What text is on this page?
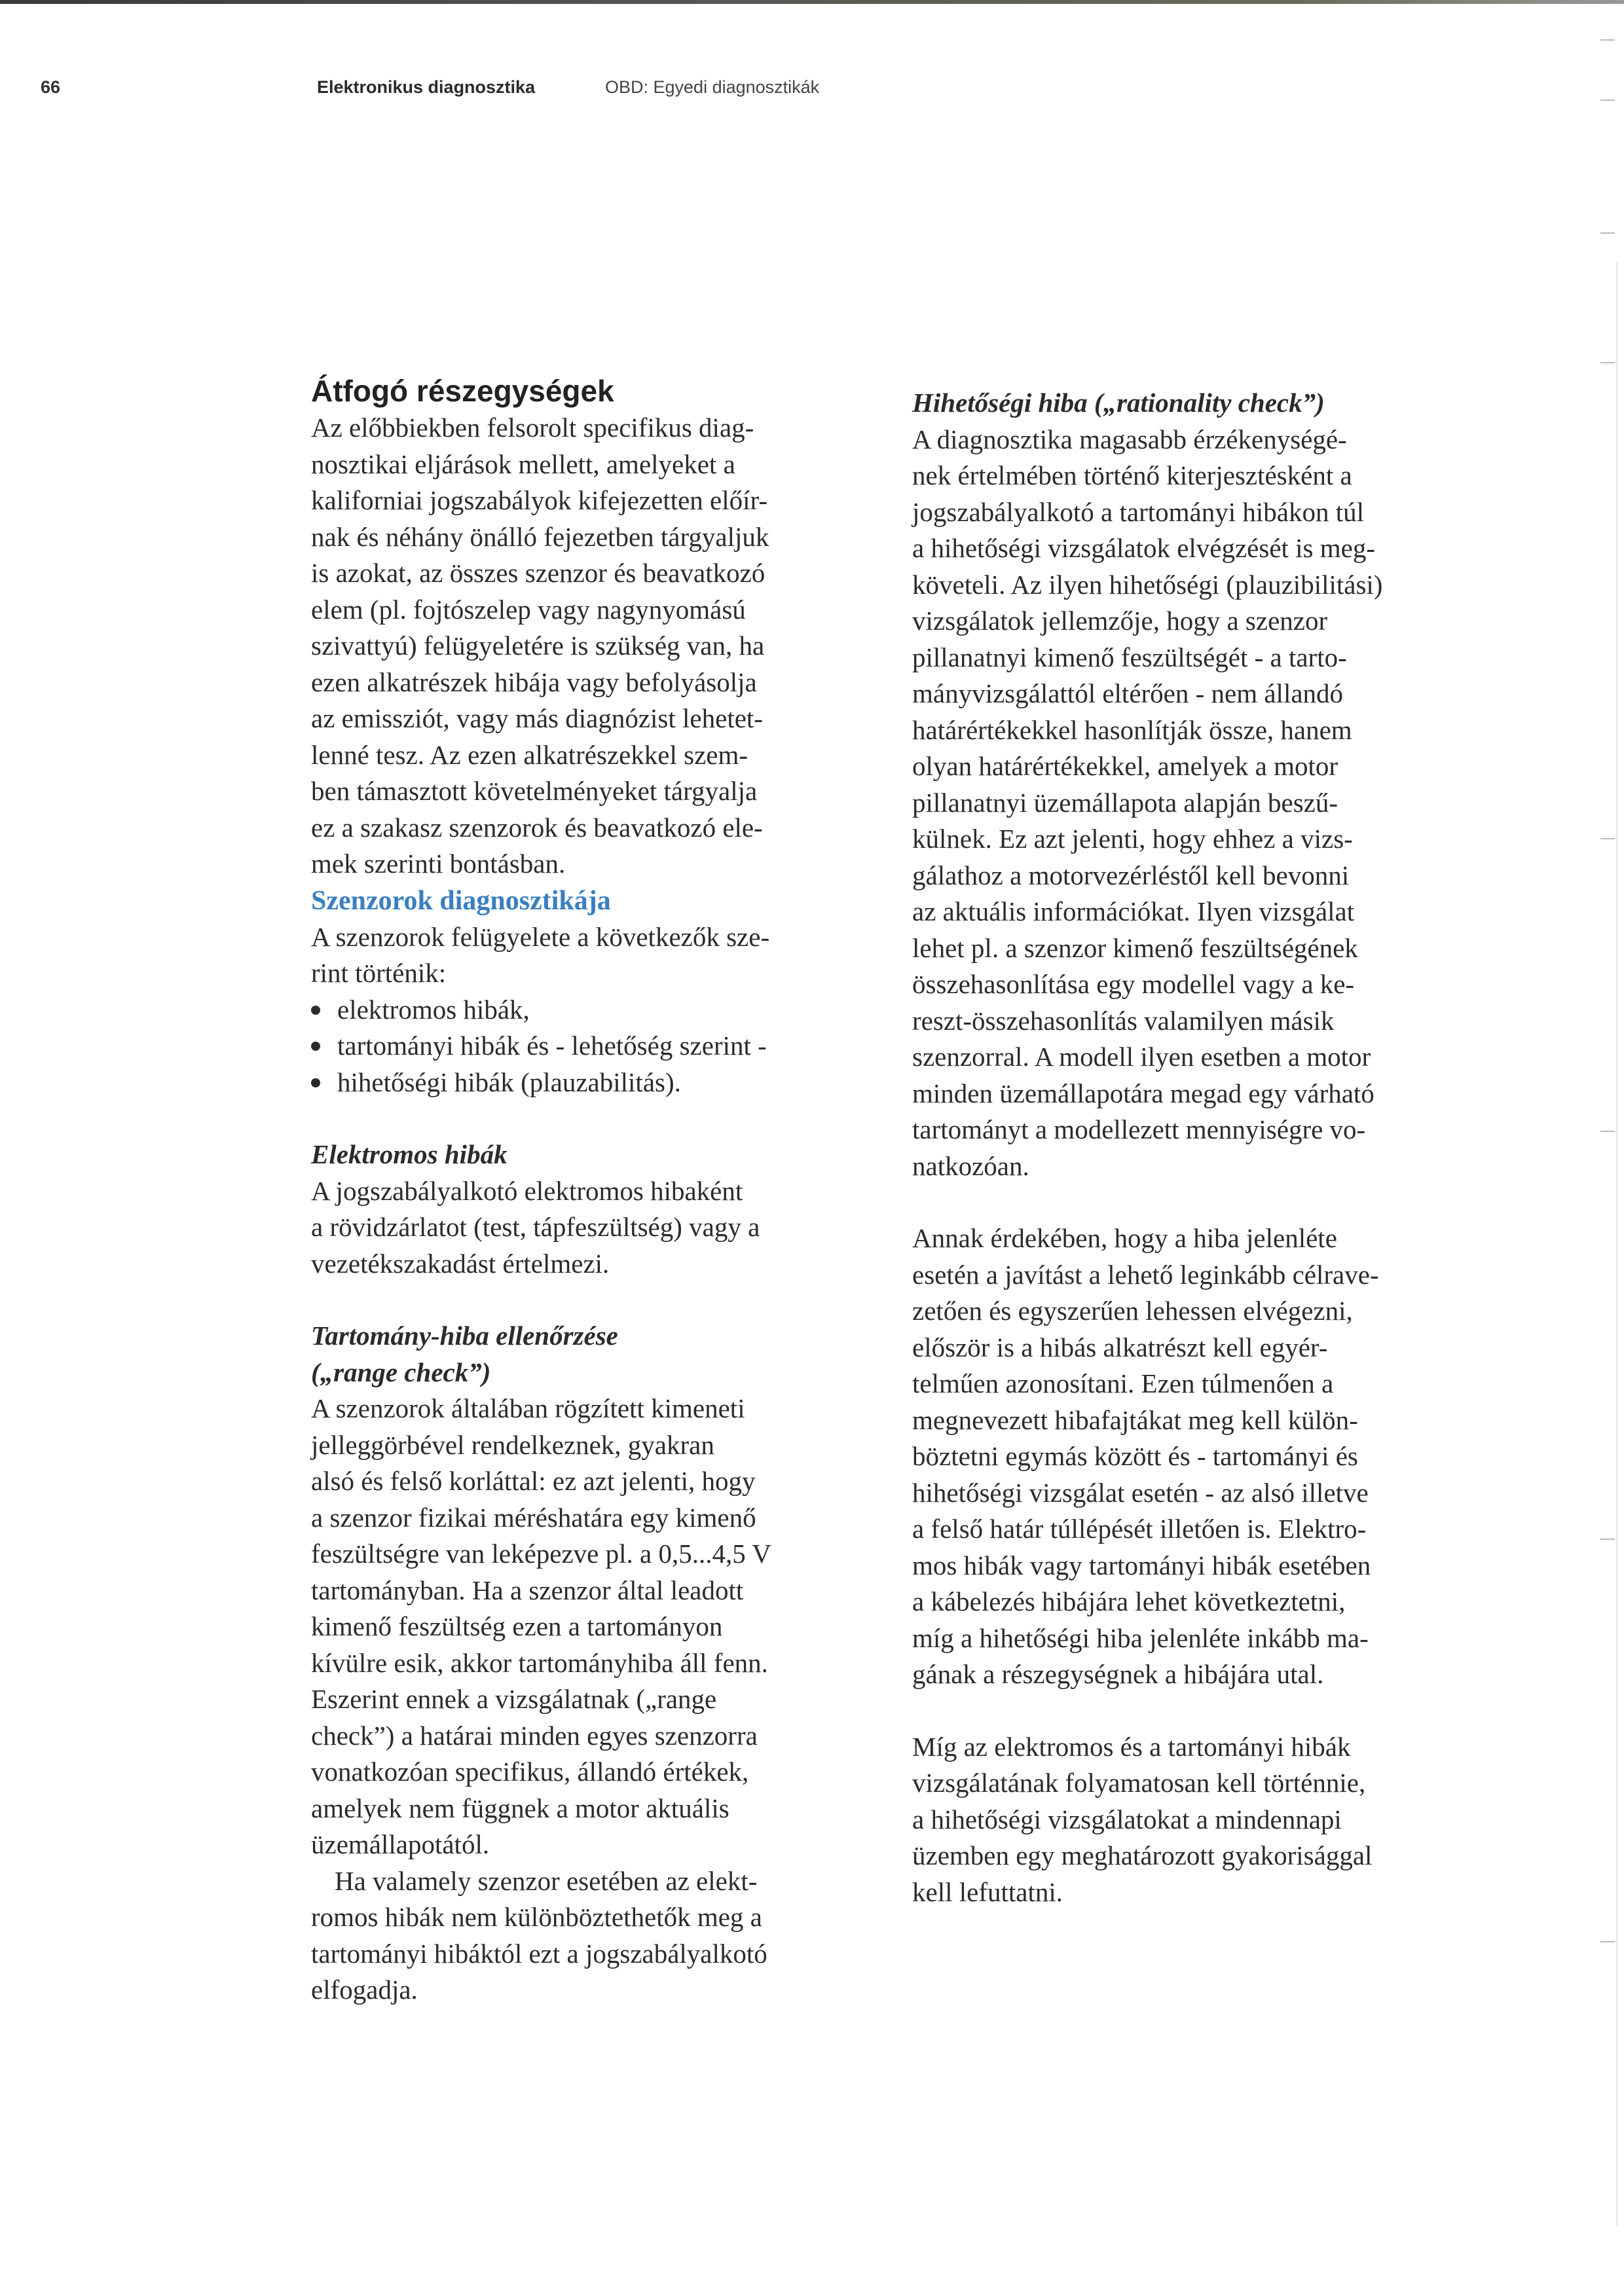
66	Elektronikus diagnosztika	OBD: Egyedi diagnosztikák
Átfogó részegységek
Az előbbiekben felsorolt specifikus diag-
nosztikai eljárások mellett, amelyeket a
kaliforniai jogszabályok kifejezetten előír-
nak és néhány önálló fejezetben tárgyaljuk
is azokat, az összes szenzor és beavatkozó
elem (pl. fojtószelep vagy nagynyomású
szivattyú) felügyeletére is szükség van, ha
ezen alkatrészek hibája vagy befolyásolja
az emissziót, vagy más diagnózist lehetet-
lenné tesz. Az ezen alkatrészekkel szem-
ben támasztott követelményeket tárgyalja
ez a szakasz szenzorok és beavatkozó ele-
mek szerinti bontásban.
Szenzorok diagnosztikája
A szenzorok felügyelete a következők sze-
rint történik:
elektromos hibák,
tartományi hibák és - lehetőség szerint -
hihetőségi hibák (plauzabilitás).
Elektromos hibák
A jogszabályalkotó elektromos hibaként
a rövidzárlatot (test, tápfeszültség) vagy a
vezetékszakadást értelmezi.
Tartomány-hiba ellenőrzése
(„range check”)
A szenzorok általában rögzített kimeneti
jelleggörbével rendelkeznek, gyakran
alsó és felső korláttal: ez azt jelenti, hogy
a szenzor fizikai méréshatára egy kimenő
feszültségre van leképezve pl. a 0,5...4,5 V
tartományban. Ha a szenzor által leadott
kimenő feszültség ezen a tartományon
kívülre esik, akkor tartományhiba áll fenn.
Eszerint ennek a vizsgálatnak („range
check”) a határai minden egyes szenzorra
vonatkozóan specifikus, állandó értékek,
amelyek nem függnek a motor aktuális
üzemállapotától.
Ha valamely szenzor esetében az elekt-
romos hibák nem különböztethetők meg a
tartományi hibáktól ezt a jogszabályalkotó
elfogadja.
Hihetőségi hiba („rationality check”)
A diagnosztika magasabb érzékenységé-
nek értelmében történő kiterjesztésként a
jogszabályalkotó a tartományi hibákon túl
a hihetőségi vizsgálatok elvégzését is meg-
követeli. Az ilyen hihetőségi (plauzibilitási)
vizsgálatok jellemzője, hogy a szenzor
pillanatnyi kimenő feszültségét - a tarto-
mányvizsgálattól eltérően - nem állandó
határértékekkel hasonlítják össze, hanem
olyan határértékekkel, amelyek a motor
pillanatnyi üzemállapota alapján beszű-
külnek. Ez azt jelenti, hogy ehhez a vizs-
gálathoz a motorvezérléstől kell bevonni
az aktuális információkat. Ilyen vizsgálat
lehet pl. a szenzor kimenő feszültségének
összehasonlítása egy modellel vagy a ke-
reszt-összehasonlítás valamilyen másik
szenzorral. A modell ilyen esetben a motor
minden üzemállapotára megad egy várható
tartományt a modellezett mennyiségre vo-
natkozóan.
Annak érdekében, hogy a hiba jelenléte
esetén a javítást a lehető leginkább célrave-
zetően és egyszerűen lehessen elvégezni,
először is a hibás alkatrészt kell egyér-
telműen azonosítani. Ezen túlmenően a
megnevezett hibafajtákat meg kell külön-
böztetni egymás között és - tartományi és
hihetőségi vizsgálat esetén - az alsó illetve
a felső határ túllépését illetően is. Elektro-
mos hibák vagy tartományi hibák esetében
a kábelezés hibájára lehet következtetni,
míg a hihetőségi hiba jelenléte inkább ma-
gának a részegységnek a hibájára utal.
Míg az elektromos és a tartományi hibák
vizsgálatának folyamatosan kell történnie,
a hihetőségi vizsgálatokat a mindennapi
üzemben egy meghatározott gyakorisággal
kell lefuttatni.
